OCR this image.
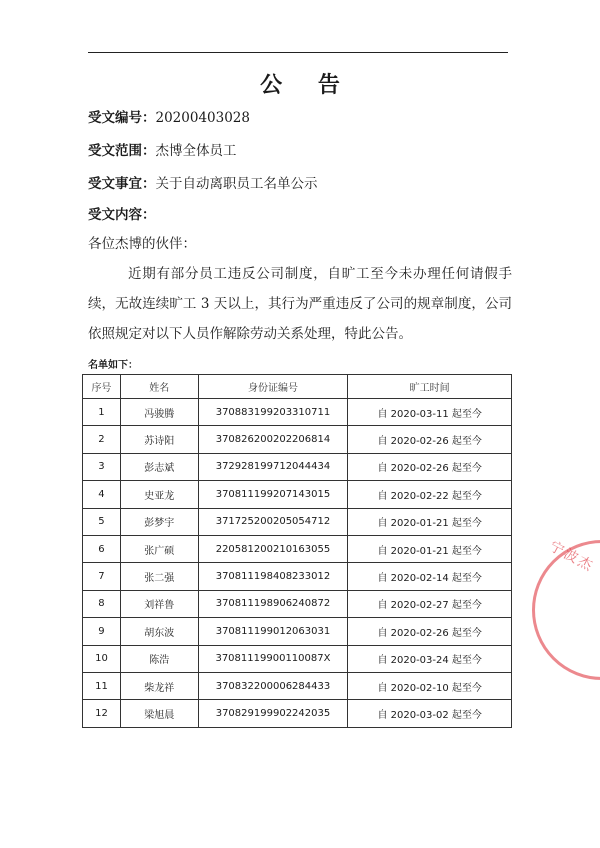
公 告
受文编号：20200403028
受文范围：杰博全体员工
受文事宜：关于自动离职员工名单公示
受文内容：
各位杰博的伙伴：
近期有部分员工违反公司制度，自旷工至今未办理任何请假手续，无故连续旷工 3 天以上，其行为严重违反了公司的规章制度，公司依照规定对以下人员作解除劳动关系处理，特此公告。
名单如下：
序号	姓名	身份证编号	旷工时间
1	冯骏腾	370883199203310711	自 2020-03-11 起至今
2	苏诗阳	370826200202206814	自 2020-02-26 起至今
3	彭志斌	372928199712044434	自 2020-02-26 起至今
4	史亚龙	370811199207143015	自 2020-02-22 起至今
5	彭梦宇	371725200205054712	自 2020-01-21 起至今
6	张广硕	220581200210163055	自 2020-01-21 起至今
7	张二强	370811198408233012	自 2020-02-14 起至今
8	刘祥鲁	370811198906240872	自 2020-02-27 起至今
9	胡东波	370811199012063031	自 2020-02-26 起至今
10	陈浩	37081119900110087X	自 2020-03-24 起至今
11	柴龙祥	370832200006284433	自 2020-02-10 起至今
12	梁旭晨	370829199902242035	自 2020-03-02 起至今
宁波杰
